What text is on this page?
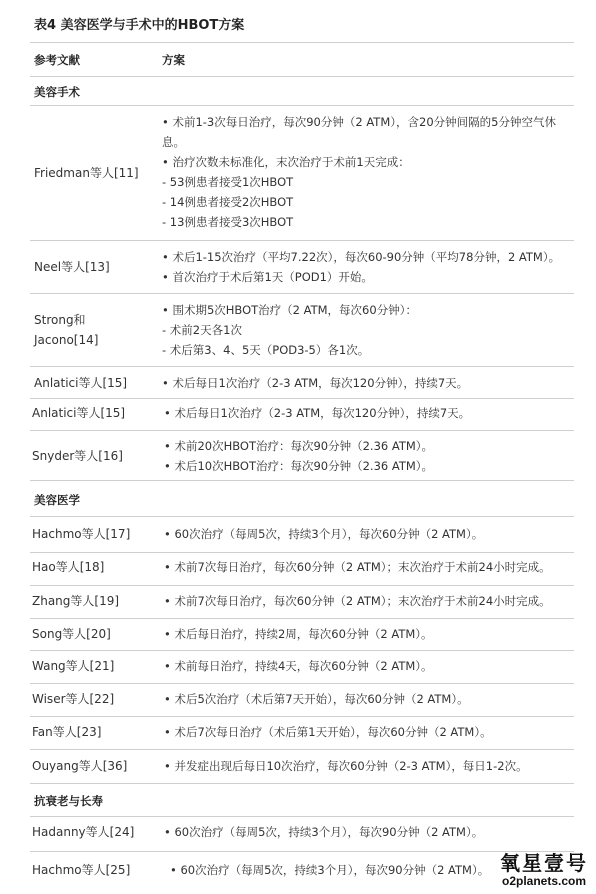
表4 美容医学与手术中的HBOT方案
参考文献	方案
美容手术
Friedman等人[11]
• 术前1-3次每日治疗，每次90分钟（2 ATM），含20分钟间隔的5分钟空气休
息。
• 治疗次数未标准化，末次治疗于术前1天完成：
- 53例患者接受1次HBOT
- 14例患者接受2次HBOT
- 13例患者接受3次HBOT
Neel等人[13]
• 术后1-15次治疗（平均7.22次），每次60-90分钟（平均78分钟，2 ATM）。
• 首次治疗于术后第1天（POD1）开始。
Strong和
Jacono[14]
• 围术期5次HBOT治疗（2 ATM，每次60分钟）：
- 术前2天各1次
- 术后第3、4、5天（POD3-5）各1次。
Anlatici等人[15]	• 术后每日1次治疗（2-3 ATM，每次120分钟），持续7天。
Anlatici等人[15]	• 术后每日1次治疗（2-3 ATM，每次120分钟），持续7天。
Snyder等人[16]
• 术前20次HBOT治疗：每次90分钟（2.36 ATM）。
• 术后10次HBOT治疗：每次90分钟（2.36 ATM）。
美容医学
Hachmo等人[17]	• 60次治疗（每周5次，持续3个月），每次60分钟（2 ATM）。
Hao等人[18]	• 术前7次每日治疗，每次60分钟（2 ATM）；末次治疗于术前24小时完成。
Zhang等人[19]	• 术前7次每日治疗，每次60分钟（2 ATM）；末次治疗于术前24小时完成。
Song等人[20]	• 术后每日治疗，持续2周，每次60分钟（2 ATM）。
Wang等人[21]	• 术前每日治疗，持续4天，每次60分钟（2 ATM）。
Wiser等人[22]	• 术后5次治疗（术后第7天开始），每次60分钟（2 ATM）。
Fan等人[23]	• 术后7次每日治疗（术后第1天开始），每次60分钟（2 ATM）。
Ouyang等人[36]	• 并发症出现后每日10次治疗，每次60分钟（2-3 ATM），每日1-2次。
抗衰老与长寿
Hadanny等人[24]	• 60次治疗（每周5次，持续3个月），每次90分钟（2 ATM）。
Hachmo等人[25]	• 60次治疗（每周5次，持续3个月），每次90分钟（2 ATM）。 氧星壹号
o2planets.com
